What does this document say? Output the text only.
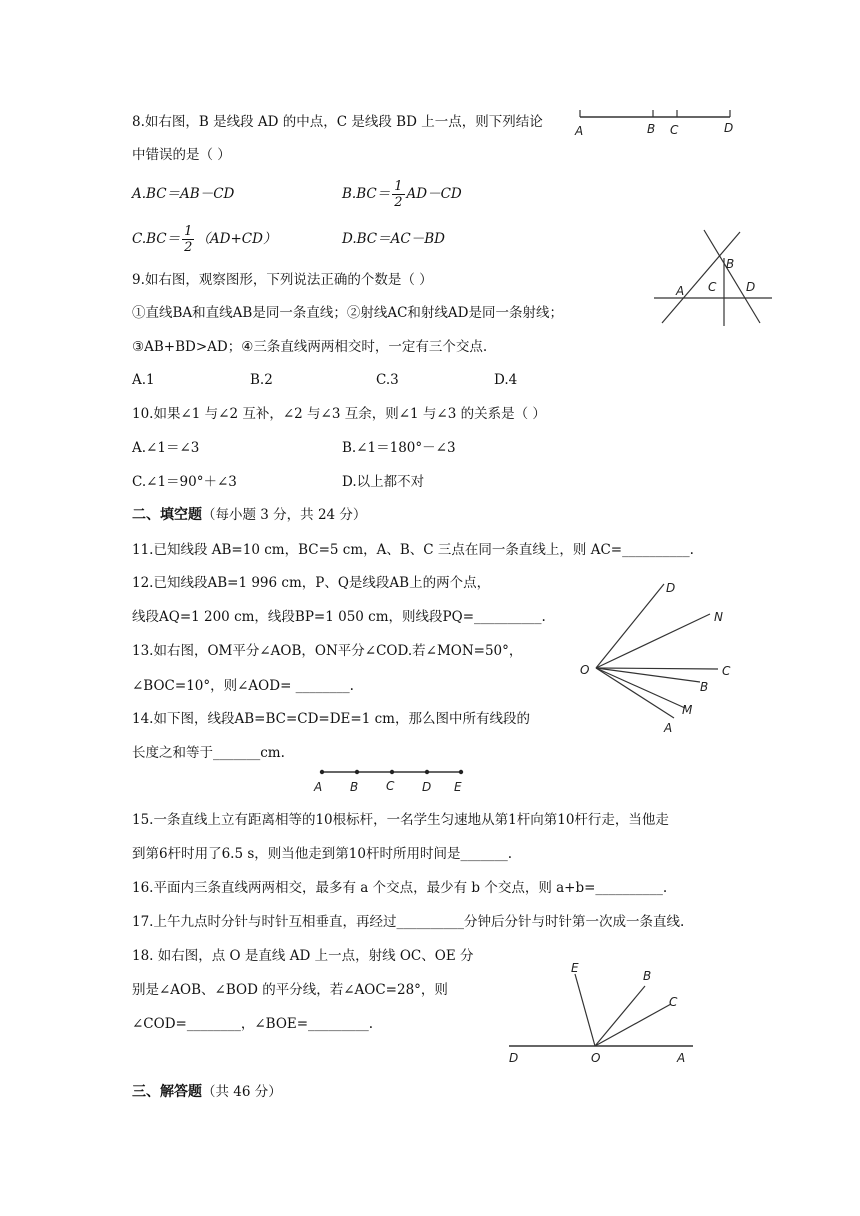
8.如右图，B 是线段 AD 的中点，C 是线段 BD 上一点，则下列结论
中错误的是（ ）
A.BC＝AB－CD	$B.BC= \frac{1}{2} AD-CD$
$C.BC= \frac{1}{2} (AD+CD)$	D.BC＝AC－BD
A	B C	D
9.如右图，观察图形，下列说法正确的个数是（ ）
①直线BA和直线AB是同一条直线；②射线AC和射线AD是同一条射线；
③AB+BD>AD；④三条直线两两相交时，一定有三个交点.
A.1	B.2	C.3	D.4
A
B
C D
10.如果∠1 与∠2 互补，∠2 与∠3 互余，则∠1 与∠3 的关系是（ ）
A.∠1＝∠3	B.∠1＝180°－∠3
C.∠1＝90°＋∠3	D.以上都不对
二、填空题（每小题 3 分，共 24 分）
11.已知线段 AB=10 cm，BC=5 cm，A、B、C 三点在同一条直线上，则 AC=__________.
12.已知线段AB=1 996 cm，P、Q是线段AB上的两个点，
线段AQ=1 200 cm，线段BP=1 050 cm，则线段PQ=__________.
13.如右图，OM平分∠AOB，ON平分∠COD.若∠MON=50°，
∠BOC=10°，则∠AOD= ________.
D
N
O	C
B
M
A
14.如下图，线段AB=BC=CD=DE=1 cm，那么图中所有线段的
长度之和等于_______cm.
A B C D E
15.一条直线上立有距离相等的10根标杆，一名学生匀速地从第1杆向第10杆行走，当他走
到第6杆时用了6.5 s，则当他走到第10杆时所用时间是_______.
16.平面内三条直线两两相交，最多有 a 个交点，最少有 b 个交点，则 a+b=__________.
17.上午九点时分针与时针互相垂直，再经过__________分钟后分针与时针第一次成一条直线.
18. 如右图，点 O 是直线 AD 上一点，射线 OC、OE 分
别是∠AOB、∠BOD 的平分线，若∠AOC=28°，则
∠COD=________，∠BOE=_________.
E
B
C
D	O	A
三、解答题（共 46 分）
